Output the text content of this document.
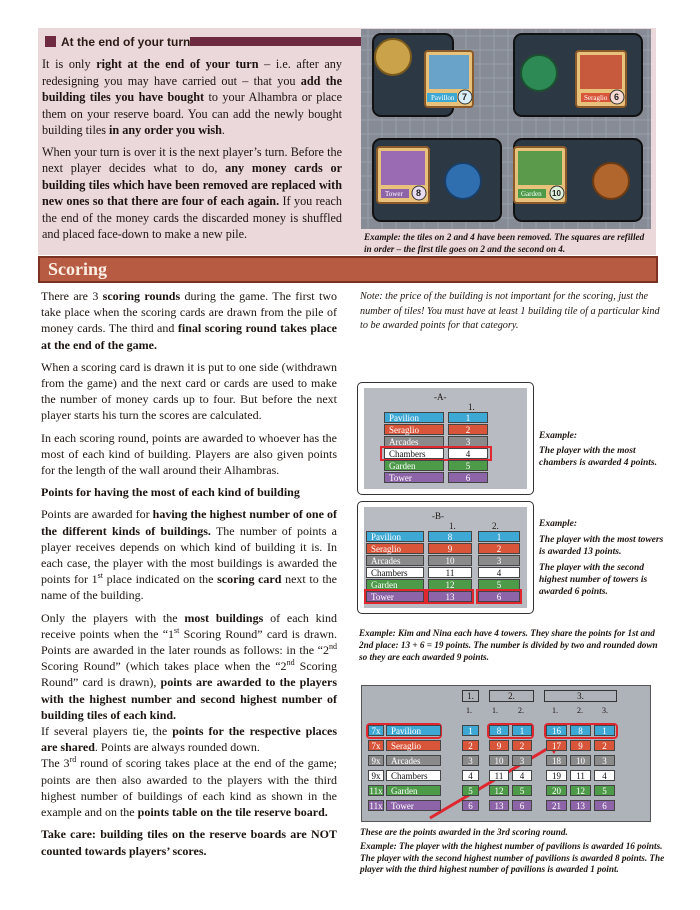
At the end of your turn

It is only right at the end of your turn – i.e. after any redesigning you may have carried out – that you add the building tiles you have bought to your Alhambra or place them on your reserve board. You can add the newly bought building tiles in any order you wish.

When your turn is over it is the next player’s turn. Before the next player decides what to do, any money cards or building tiles which have been removed are replaced with new ones so that there are four of each again. If you reach the end of the money cards the discarded money is shuffled and placed face-down to make a new pile.

Pavillon 7	Seraglio 6
Tower 8	Garden 10
Example: the tiles on 2 and 4 have been removed. The squares are refilled in order – the first tile goes on 2 and the second on 4.
Scoring

There are 3 scoring rounds during the game. The first two take place when the scoring cards are drawn from the pile of money cards. The third and final scoring round takes place at the end of the game.

When a scoring card is drawn it is put to one side (withdrawn from the game) and the next card or cards are used to make the number of money cards up to four. But before the next player starts his turn the scores are calculated.

In each scoring round, points are awarded to whoever has the most of each kind of building. Players are also given points for the length of the wall around their Alhambras.

Points for having the most of each kind of building

Points are awarded for having the highest number of one of the different kinds of buildings. The number of points a player receives depends on which kind of building it is. In each case, the player with the most buildings is awarded the points for 1st place indicated on the scoring card next to the name of the building.

Only the players with the most buildings of each kind receive points when the “1st Scoring Round” card is drawn. Points are awarded in the later rounds as follows: in the “2nd Scoring Round” (which takes place when the “2nd Scoring Round” card is drawn), points are awarded to the players with the highest number and second highest number of building tiles of each kind.

If several players tie, the points for the respective places are shared. Points are always rounded down.

The 3rd round of scoring takes place at the end of the game; points are then also awarded to the players with the third highest number of buildings of each kind as shown in the example and on the points table on the tile reserve board.

Take care: building tiles on the reserve boards are NOT counted towards players’ scores.

Note: the price of the building is not important for the scoring, just the number of tiles! You must have at least 1 building tile of a particular kind to be awarded points for that category.
-A-
1.
Pavilion	1
Seraglio	2
Arcades	3
Chambers	4
Garden	5
Tower	6
Example:
The player with the most chambers is awarded 4 points.
-B-
1.	2.
Pavilion	8	1
Seraglio	9	2
Arcades	10	3
Chambers	11	4
Garden	12	5
Tower	13	6
Example:
The player with the most towers is awarded 13 points.
The player with the second highest number of towers is awarded 6 points.
Example: Kim and Nina each have 4 towers. They share the points for 1st and 2nd place: 13 + 6 = 19 points. The number is divided by two and rounded down so they are each awarded 9 points.
1.	2.	3.
1.	1.	2.	1. 2. 3.
7x	Pavilion	1	8	1	16	8	1
7x	Seraglio	2	9	2	17	9	2
9x	Arcades	3	10	3	18	10	3
9x	Chambers	4	11	4	19	11	4
11x Garden	5	12	5	20	12	5
11x Tower	6	13	6	21	13	6
These are the points awarded in the 3rd scoring round.
Example: The player with the highest number of pavilions is awarded 16 points. The player with the second highest number of pavilions is awarded 8 points. The player with the third highest number of pavilions is awarded 1 point.
